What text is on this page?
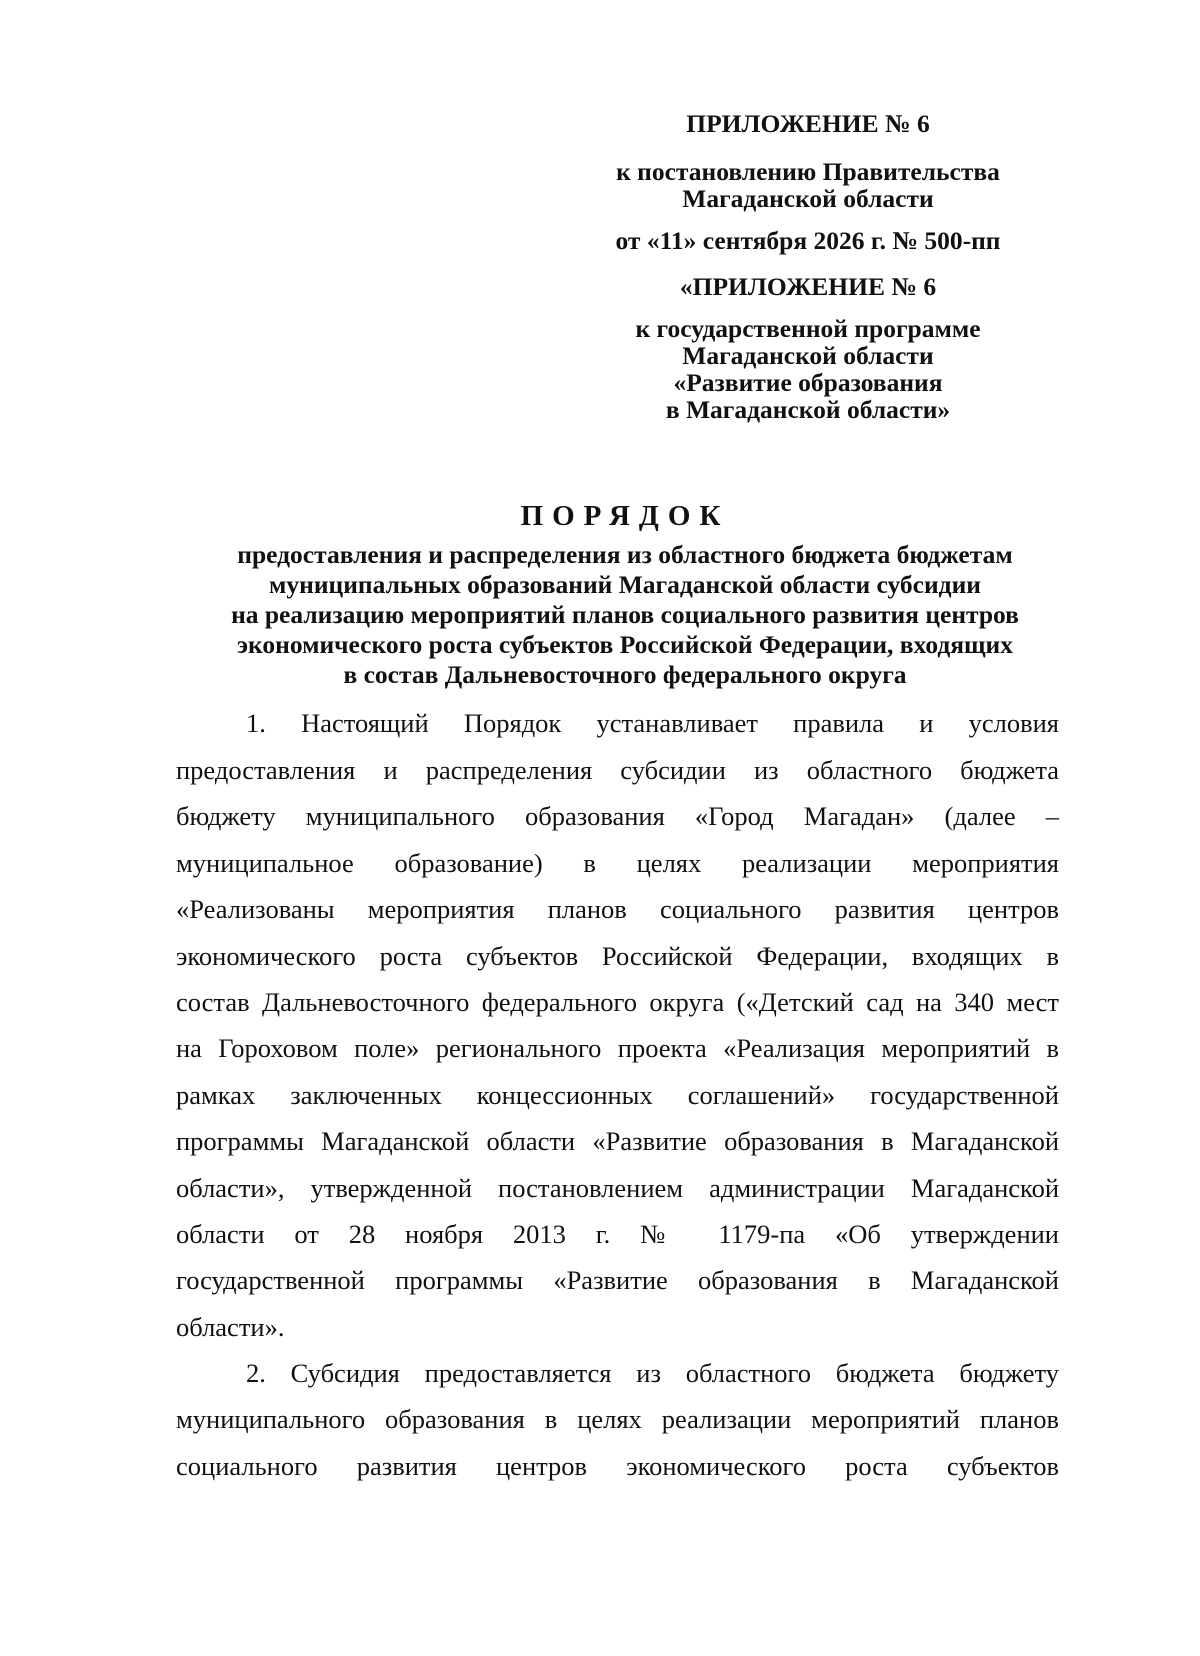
ПРИЛОЖЕНИЕ № 6
к постановлению Правительства
Магаданской области
от «11» сентября 2026 г. № 500-пп
«ПРИЛОЖЕНИЕ № 6
к государственной программе
Магаданской области
«Развитие образования
в Магаданской области»
ПОРЯДОК
предоставления и распределения из областного бюджета бюджетам
муниципальных образований Магаданской области субсидии
на реализацию мероприятий планов социального развития центров
экономического роста субъектов Российской Федерации, входящих
в состав Дальневосточного федерального округа
1. Настоящий Порядок устанавливает правила и условия
предоставления и распределения субсидии из областного бюджета
бюджету муниципального образования «Город Магадан» (далее –
муниципальное образование) в целях реализации мероприятия
«Реализованы мероприятия планов социального развития центров
экономического роста субъектов Российской Федерации, входящих в
состав Дальневосточного федерального округа («Детский сад на 340 мест
на Гороховом поле» регионального проекта «Реализация мероприятий в
рамках заключенных концессионных соглашений» государственной
программы Магаданской области «Развитие образования в Магаданской
области», утвержденной постановлением администрации Магаданской
области от 28 ноября 2013 г. № 1179-па «Об утверждении
государственной программы «Развитие образования в Магаданской
области».
2. Субсидия предоставляется из областного бюджета бюджету
муниципального образования в целях реализации мероприятий планов
социального развития центров экономического роста субъектов
